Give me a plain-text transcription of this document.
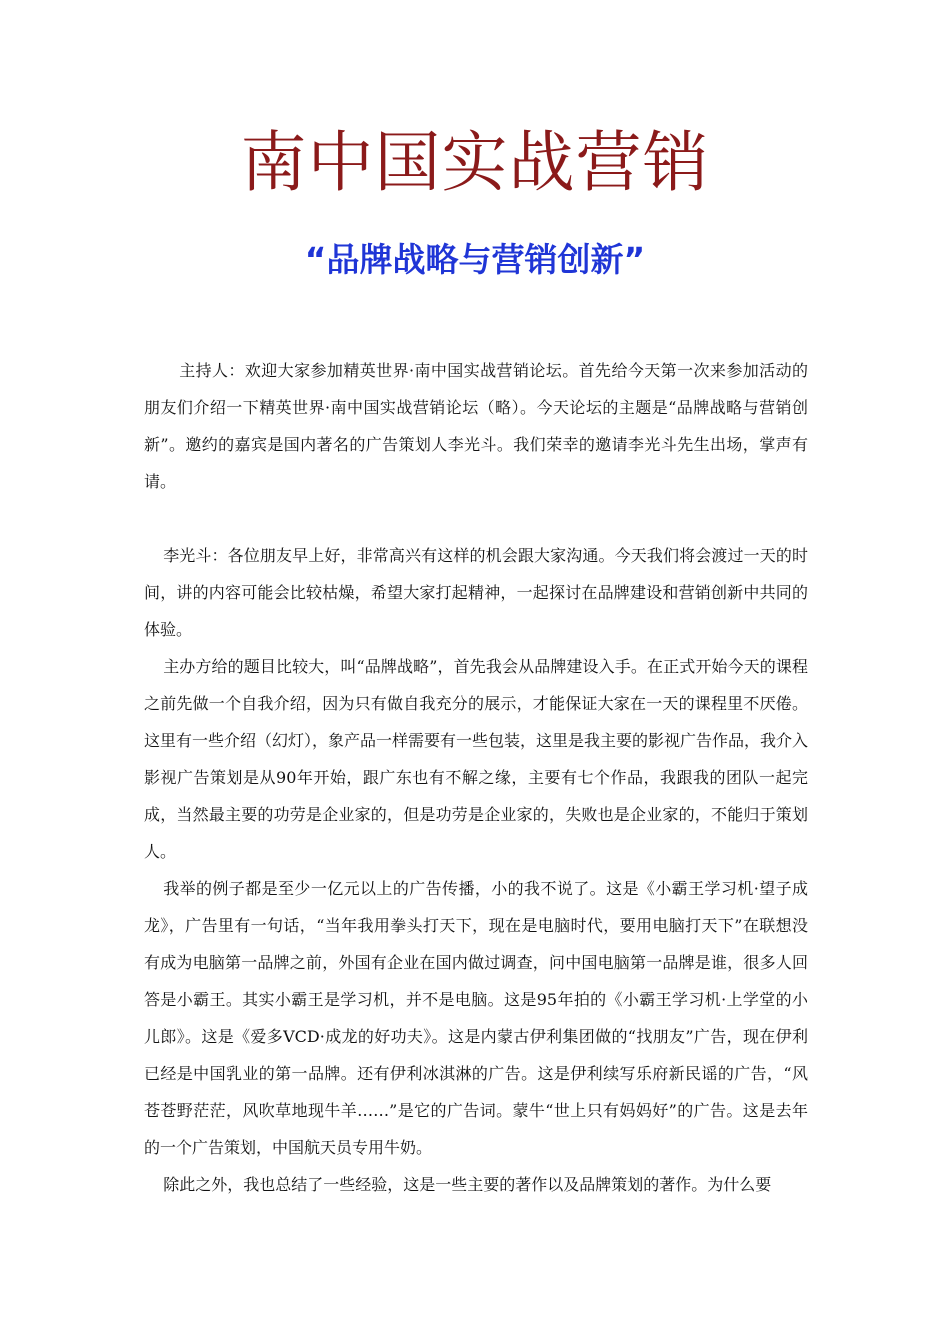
南中国实战营销
“品牌战略与营销创新”

主持人：欢迎大家参加精英世界·南中国实战营销论坛。首先给今天第一次来参加活动的朋友们介绍一下精英世界·南中国实战营销论坛（略）。今天论坛的主题是“品牌战略与营销创新”。邀约的嘉宾是国内著名的广告策划人李光斗。我们荣幸的邀请李光斗先生出场，掌声有请。

李光斗：各位朋友早上好，非常高兴有这样的机会跟大家沟通。今天我们将会渡过一天的时间，讲的内容可能会比较枯燥，希望大家打起精神，一起探讨在品牌建设和营销创新中共同的体验。

主办方给的题目比较大，叫“品牌战略”，首先我会从品牌建设入手。在正式开始今天的课程之前先做一个自我介绍，因为只有做自我充分的展示，才能保证大家在一天的课程里不厌倦。这里有一些介绍（幻灯），象产品一样需要有一些包装，这里是我主要的影视广告作品，我介入影视广告策划是从90年开始，跟广东也有不解之缘，主要有七个作品，我跟我的团队一起完成，当然最主要的功劳是企业家的，但是功劳是企业家的，失败也是企业家的，不能归于策划人。

我举的例子都是至少一亿元以上的广告传播，小的我不说了。这是《小霸王学习机·望子成龙》，广告里有一句话，“当年我用拳头打天下，现在是电脑时代，要用电脑打天下”在联想没有成为电脑第一品牌之前，外国有企业在国内做过调查，问中国电脑第一品牌是谁，很多人回答是小霸王。其实小霸王是学习机，并不是电脑。这是95年拍的《小霸王学习机·上学堂的小儿郎》。这是《爱多VCD·成龙的好功夫》。这是内蒙古伊利集团做的“找朋友”广告，现在伊利已经是中国乳业的第一品牌。还有伊利冰淇淋的广告。这是伊利续写乐府新民谣的广告，“风苍苍野茫茫，风吹草地现牛羊……”是它的广告词。蒙牛“世上只有妈妈好”的广告。这是去年的一个广告策划，中国航天员专用牛奶。

除此之外，我也总结了一些经验，这是一些主要的著作以及品牌策划的著作。为什么要
